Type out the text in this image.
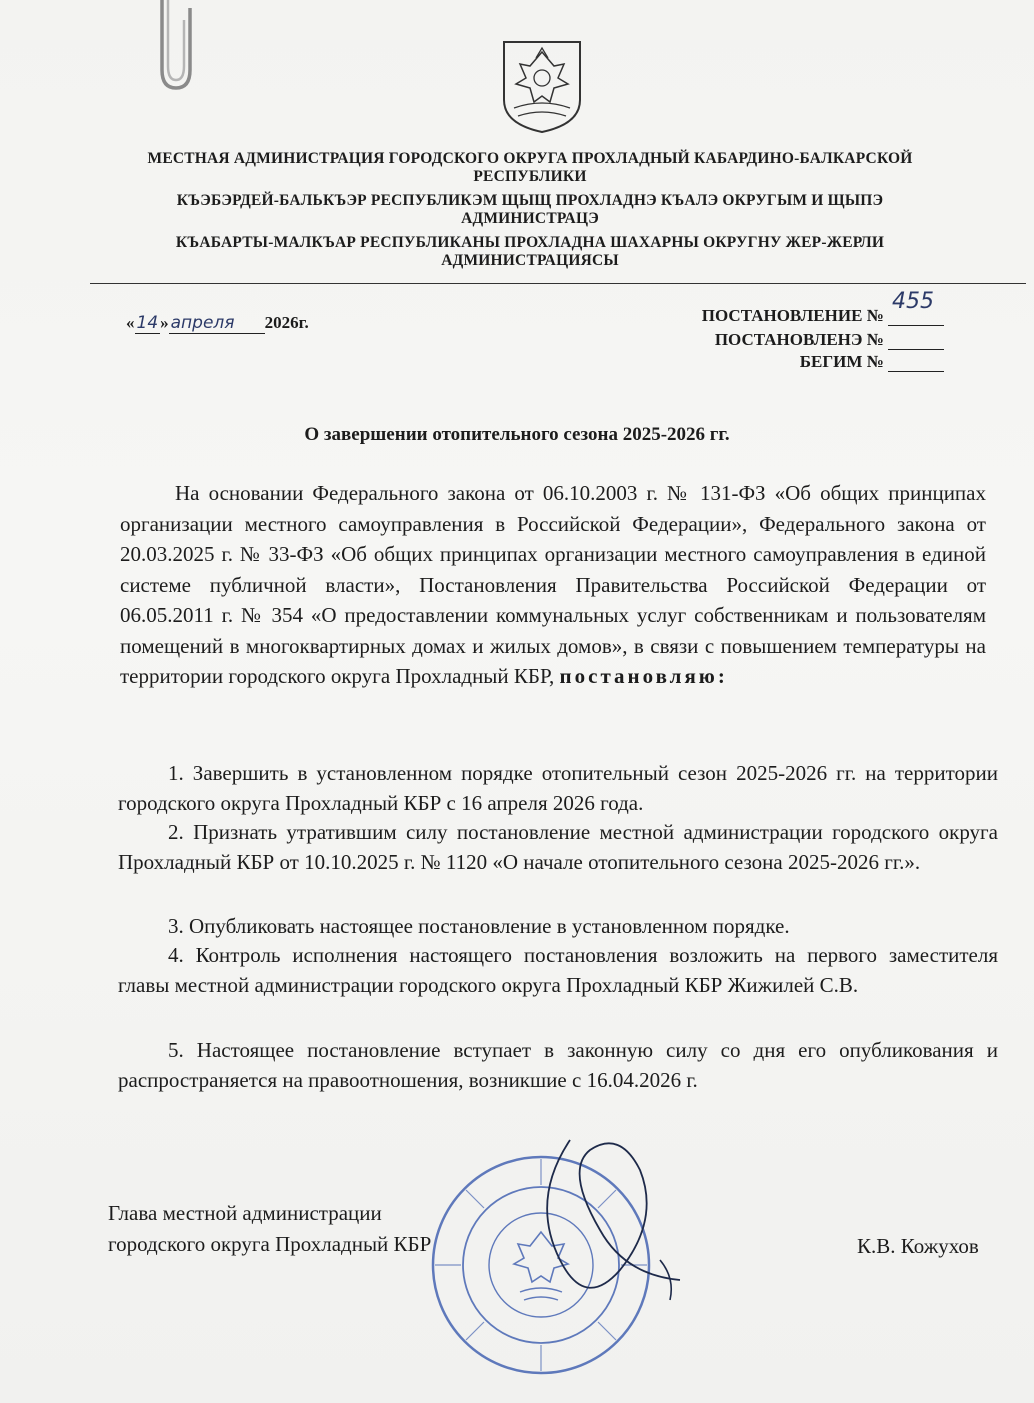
МЕСТНАЯ АДМИНИСТРАЦИЯ ГОРОДСКОГО ОКРУГА ПРОХЛАДНЫЙ КАБАРДИНО-БАЛКАРСКОЙ
РЕСПУБЛИКИ
КЪЭБЭРДЕЙ-БАЛЬКЪЭР РЕСПУБЛИКЭМ ЩЫЩ ПРОХЛАДНЭ КЪАЛЭ ОКРУГЫМ И ЩЫПЭ
АДМИНИСТРАЦЭ
КЪАБАРТЫ-МАЛКЪАР РЕСПУБЛИКАНЫ ПРОХЛАДНА ШАХАРНЫ ОКРУГНУ ЖЕР-ЖЕРЛИ
АДМИНИСТРАЦИЯСЫ
« 14 » апреля 2026г.	ПОСТАНОВЛЕНИЕ №
455
ПОСТАНОВЛЕНЭ №
БЕГИМ №
О завершении отопительного сезона 2025-2026 гг.
На основании Федерального закона от 06.10.2003 г. № 131-ФЗ «Об общих принципах организации местного самоуправления в Российской Федерации», Федерального закона от 20.03.2025 г. № 33-ФЗ «Об общих принципах организации местного самоуправления в единой системе публичной власти», Постановления Правительства Российской Федерации от 06.05.2011 г. № 354 «О предоставлении коммунальных услуг собственникам и пользователям помещений в многоквартирных домах и жилых домов», в связи с повышением температуры на территории городского округа Прохладный КБР, постановляю:
1. Завершить в установленном порядке отопительный сезон 2025-2026 гг. на территории городского округа Прохладный КБР с 16 апреля 2026 года.
2. Признать утратившим силу постановление местной администрации городского округа Прохладный КБР от 10.10.2025 г. № 1120 «О начале отопительного сезона 2025-2026 гг.».
3. Опубликовать настоящее постановление в установленном порядке.
4. Контроль исполнения настоящего постановления возложить на первого заместителя главы местной администрации городского округа Прохладный КБР Жижилей С.В.
5. Настоящее постановление вступает в законную силу со дня его опубликования и распространяется на правоотношения, возникшие с 16.04.2026 г.
Глава местной администрации
городского округа Прохладный КБР	К.В. Кожухов
